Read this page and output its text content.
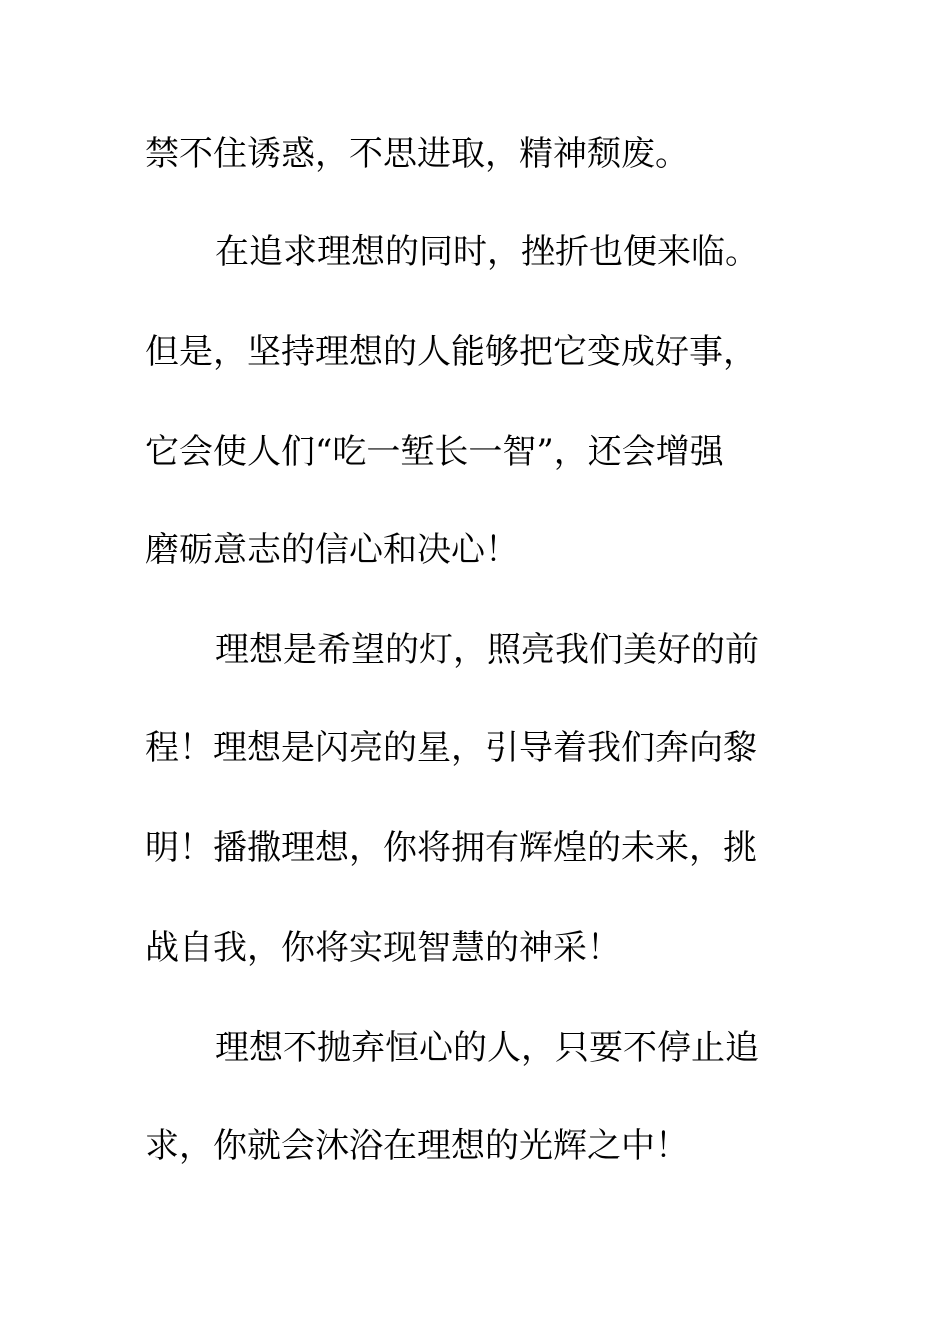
禁不住诱惑，不思进取，精神颓废。
在追求理想的同时，挫折也便来临。
但是，坚持理想的人能够把它变成好事，
它会使人们“吃一堑长一智”，还会增强
磨砺意志的信心和决心！
理想是希望的灯，照亮我们美好的前
程！理想是闪亮的星，引导着我们奔向黎
明！播撒理想，你将拥有辉煌的未来，挑
战自我，你将实现智慧的神采！
理想不抛弃恒心的人，只要不停止追
求，你就会沐浴在理想的光辉之中！
